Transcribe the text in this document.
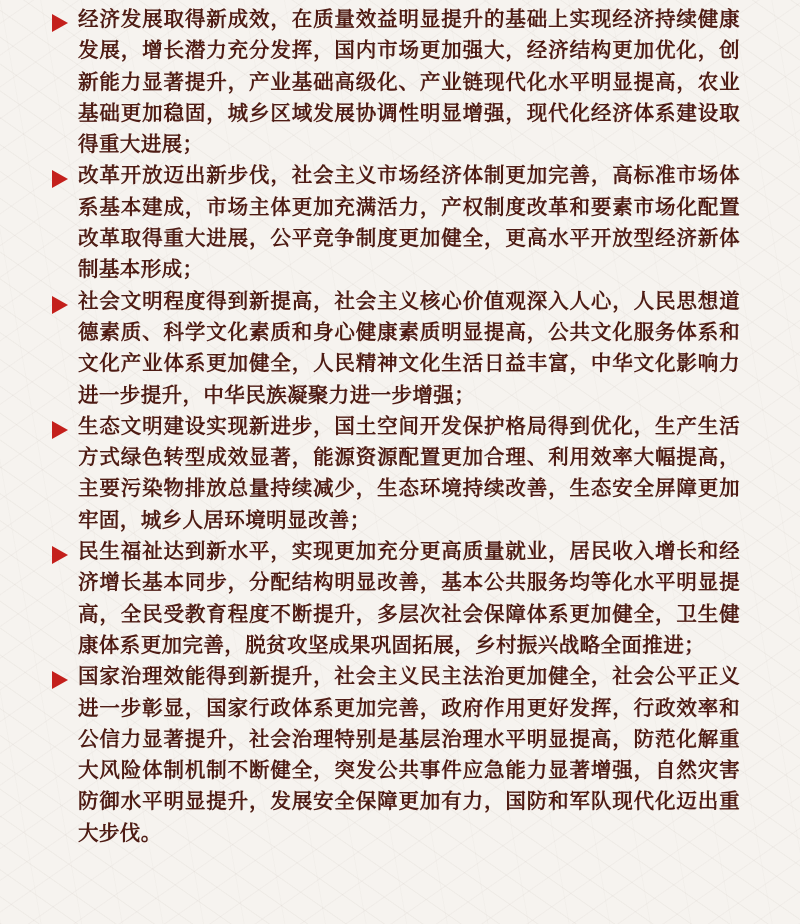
经济发展取得新成效，在质量效益明显提升的基础上实现经济持续健康发展，增长潜力充分发挥，国内市场更加强大，经济结构更加优化，创新能力显著提升，产业基础高级化、产业链现代化水平明显提高，农业基础更加稳固，城乡区域发展协调性明显增强，现代化经济体系建设取得重大进展；

改革开放迈出新步伐，社会主义市场经济体制更加完善，高标准市场体系基本建成，市场主体更加充满活力，产权制度改革和要素市场化配置改革取得重大进展，公平竞争制度更加健全，更高水平开放型经济新体制基本形成；

社会文明程度得到新提高，社会主义核心价值观深入人心，人民思想道德素质、科学文化素质和身心健康素质明显提高，公共文化服务体系和文化产业体系更加健全，人民精神文化生活日益丰富，中华文化影响力进一步提升，中华民族凝聚力进一步增强；

生态文明建设实现新进步，国土空间开发保护格局得到优化，生产生活方式绿色转型成效显著，能源资源配置更加合理、利用效率大幅提高，主要污染物排放总量持续减少，生态环境持续改善，生态安全屏障更加牢固，城乡人居环境明显改善；

民生福祉达到新水平，实现更加充分更高质量就业，居民收入增长和经济增长基本同步，分配结构明显改善，基本公共服务均等化水平明显提高，全民受教育程度不断提升，多层次社会保障体系更加健全，卫生健康体系更加完善，脱贫攻坚成果巩固拓展，乡村振兴战略全面推进；

国家治理效能得到新提升，社会主义民主法治更加健全，社会公平正义进一步彰显，国家行政体系更加完善，政府作用更好发挥，行政效率和公信力显著提升，社会治理特别是基层治理水平明显提高，防范化解重大风险体制机制不断健全，突发公共事件应急能力显著增强，自然灾害防御水平明显提升，发展安全保障更加有力，国防和军队现代化迈出重大步伐。
